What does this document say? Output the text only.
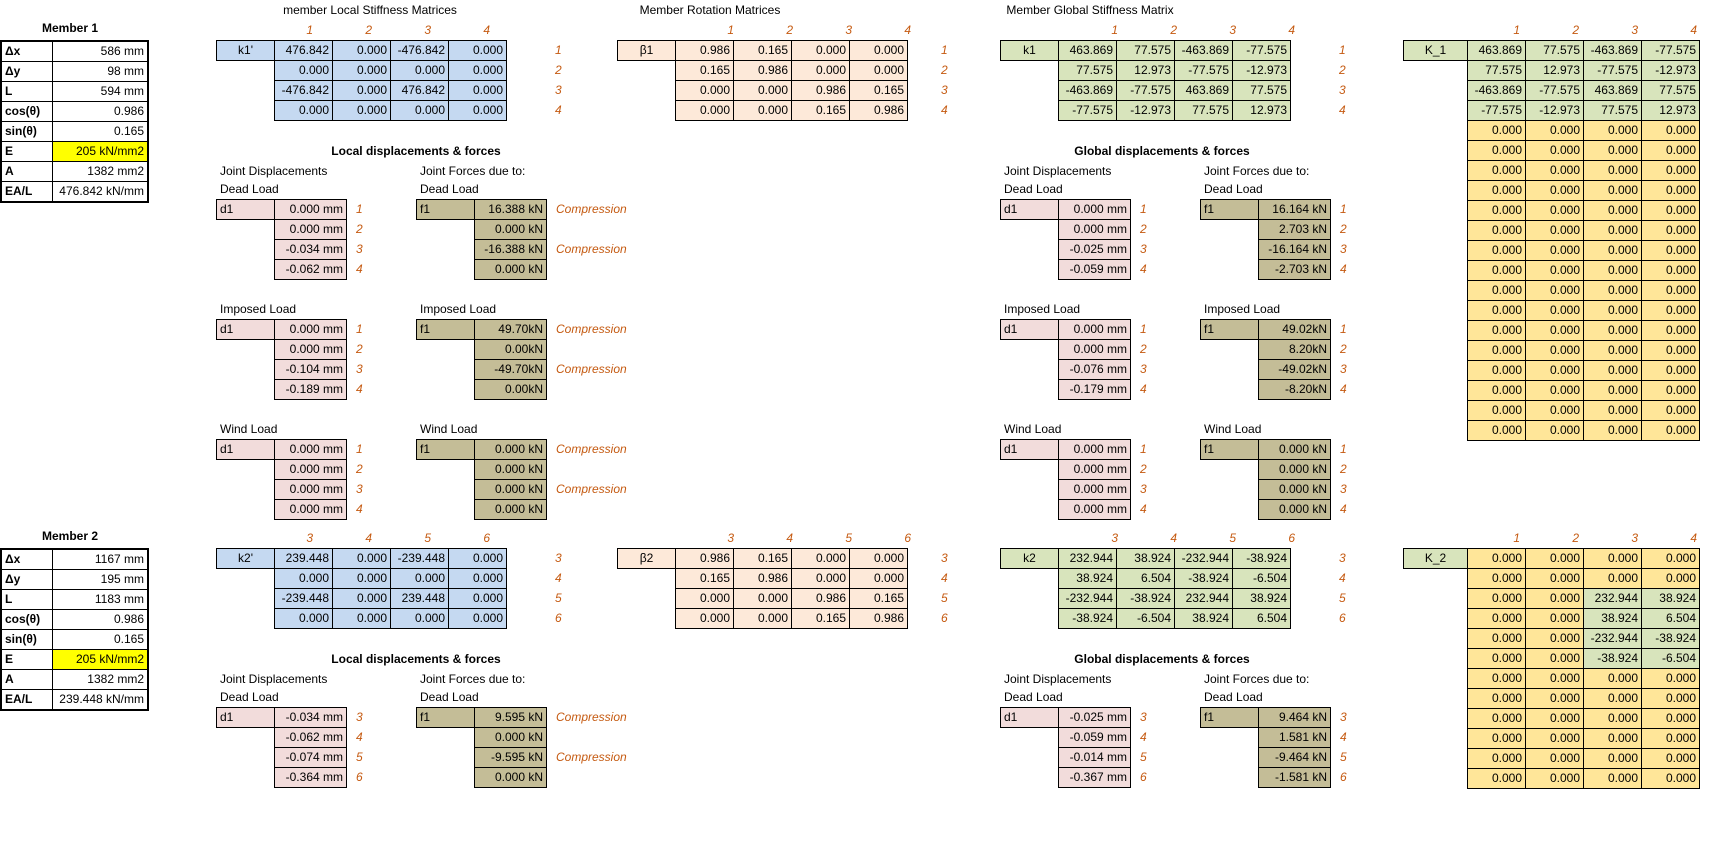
Member 1
Δx	586 mm
Δy	98 mm
L	594 mm
cos(θ)	0.986
sin(θ)	0.165
E	205 kN/mm2
A	1382 mm2
EA/L	476.842 kN/mm
member Local Stiffness Matrices	Member Rotation Matrices	Member Global Stiffness Matrix
1	2	3	4
k1'	476.842	0.000	-476.842	0.000
	0.000	0.000	0.000	0.000
	-476.842	0.000	476.842	0.000
	0.000	0.000	0.000	0.000
1
2
3
4
1	2	3	4
β1	0.986	0.165	0.000	0.000
	0.165	0.986	0.000	0.000
	0.000	0.000	0.986	0.165
	0.000	0.000	0.165	0.986
1
2
3
4
1	2	3	4
k1	463.869	77.575	-463.869	-77.575
	77.575	12.973	-77.575	-12.973
	-463.869	-77.575	463.869	77.575
	-77.575	-12.973	77.575	12.973
1
2
3
4
1	2	3	4
K_1	463.869	77.575	-463.869	-77.575
	77.575	12.973	-77.575	-12.973
	-463.869	-77.575	463.869	77.575
	-77.575	-12.973	77.575	12.973
	0.000	0.000	0.000	0.000
	0.000	0.000	0.000	0.000
	0.000	0.000	0.000	0.000
	0.000	0.000	0.000	0.000
	0.000	0.000	0.000	0.000
	0.000	0.000	0.000	0.000
	0.000	0.000	0.000	0.000
	0.000	0.000	0.000	0.000
	0.000	0.000	0.000	0.000
	0.000	0.000	0.000	0.000
	0.000	0.000	0.000	0.000
	0.000	0.000	0.000	0.000
	0.000	0.000	0.000	0.000
	0.000	0.000	0.000	0.000
	0.000	0.000	0.000	0.000
	0.000	0.000	0.000	0.000
Local displacements & forces	Global displacements & forces
Joint Displacements	Joint Forces due to:	Joint Displacements	Joint Forces due to:
Dead Load	Dead Load	Dead Load	Dead Load
d1	0.000 mm
	0.000 mm
	-0.034 mm
	-0.062 mm
1
2
3
4
f1	16.388 kN
	0.000 kN
	-16.388 kN
	0.000 kN
Compression
Compression
d1	0.000 mm
	0.000 mm
	-0.025 mm
	-0.059 mm
1
2
3
4
f1	16.164 kN
	2.703 kN
	-16.164 kN
	-2.703 kN
1
2
3
4
Imposed Load	Imposed Load	Imposed Load	Imposed Load
d1	0.000 mm
	0.000 mm
	-0.104 mm
	-0.189 mm
1
2
3
4
f1	49.70kN
	0.00kN
	-49.70kN
	0.00kN
Compression
Compression
d1	0.000 mm
	0.000 mm
	-0.076 mm
	-0.179 mm
1
2
3
4
f1	49.02kN
	8.20kN
	-49.02kN
	-8.20kN
1
2
3
4
Wind Load	Wind Load	Wind Load	Wind Load
d1	0.000 mm
	0.000 mm
	0.000 mm
	0.000 mm
1
2
3
4
f1	0.000 kN
	0.000 kN
	0.000 kN
	0.000 kN
Compression
Compression
d1	0.000 mm
	0.000 mm
	0.000 mm
	0.000 mm
1
2
3
4
f1	0.000 kN
	0.000 kN
	0.000 kN
	0.000 kN
1
2
3
4
Member 2
Δx	1167 mm
Δy	195 mm
L	1183 mm
cos(θ)	0.986
sin(θ)	0.165
E	205 kN/mm2
A	1382 mm2
EA/L	239.448 kN/mm
3	4	5	6
k2'	239.448	0.000	-239.448	0.000
	0.000	0.000	0.000	0.000
	-239.448	0.000	239.448	0.000
	0.000	0.000	0.000	0.000
3
4
5
6
3	4	5	6
β2	0.986	0.165	0.000	0.000
	0.165	0.986	0.000	0.000
	0.000	0.000	0.986	0.165
	0.000	0.000	0.165	0.986
3
4
5
6
3	4	5	6
k2	232.944	38.924	-232.944	-38.924
	38.924	6.504	-38.924	-6.504
	-232.944	-38.924	232.944	38.924
	-38.924	-6.504	38.924	6.504
3
4
5
6
1	2	3	4
K_2	0.000	0.000	0.000	0.000
	0.000	0.000	0.000	0.000
	0.000	0.000	232.944	38.924
	0.000	0.000	38.924	6.504
	0.000	0.000	-232.944	-38.924
	0.000	0.000	-38.924	-6.504
	0.000	0.000	0.000	0.000
	0.000	0.000	0.000	0.000
	0.000	0.000	0.000	0.000
	0.000	0.000	0.000	0.000
	0.000	0.000	0.000	0.000
	0.000	0.000	0.000	0.000
Local displacements & forces	Global displacements & forces
Joint Displacements	Joint Forces due to:	Joint Displacements	Joint Forces due to:
Dead Load	Dead Load	Dead Load	Dead Load
d1	-0.034 mm
	-0.062 mm
	-0.074 mm
	-0.364 mm
3
4
5
6
f1	9.595 kN
	0.000 kN
	-9.595 kN
	0.000 kN
Compression
Compression
d1	-0.025 mm
	-0.059 mm
	-0.014 mm
	-0.367 mm
3
4
5
6
f1	9.464 kN
	1.581 kN
	-9.464 kN
	-1.581 kN
3
4
5
6
